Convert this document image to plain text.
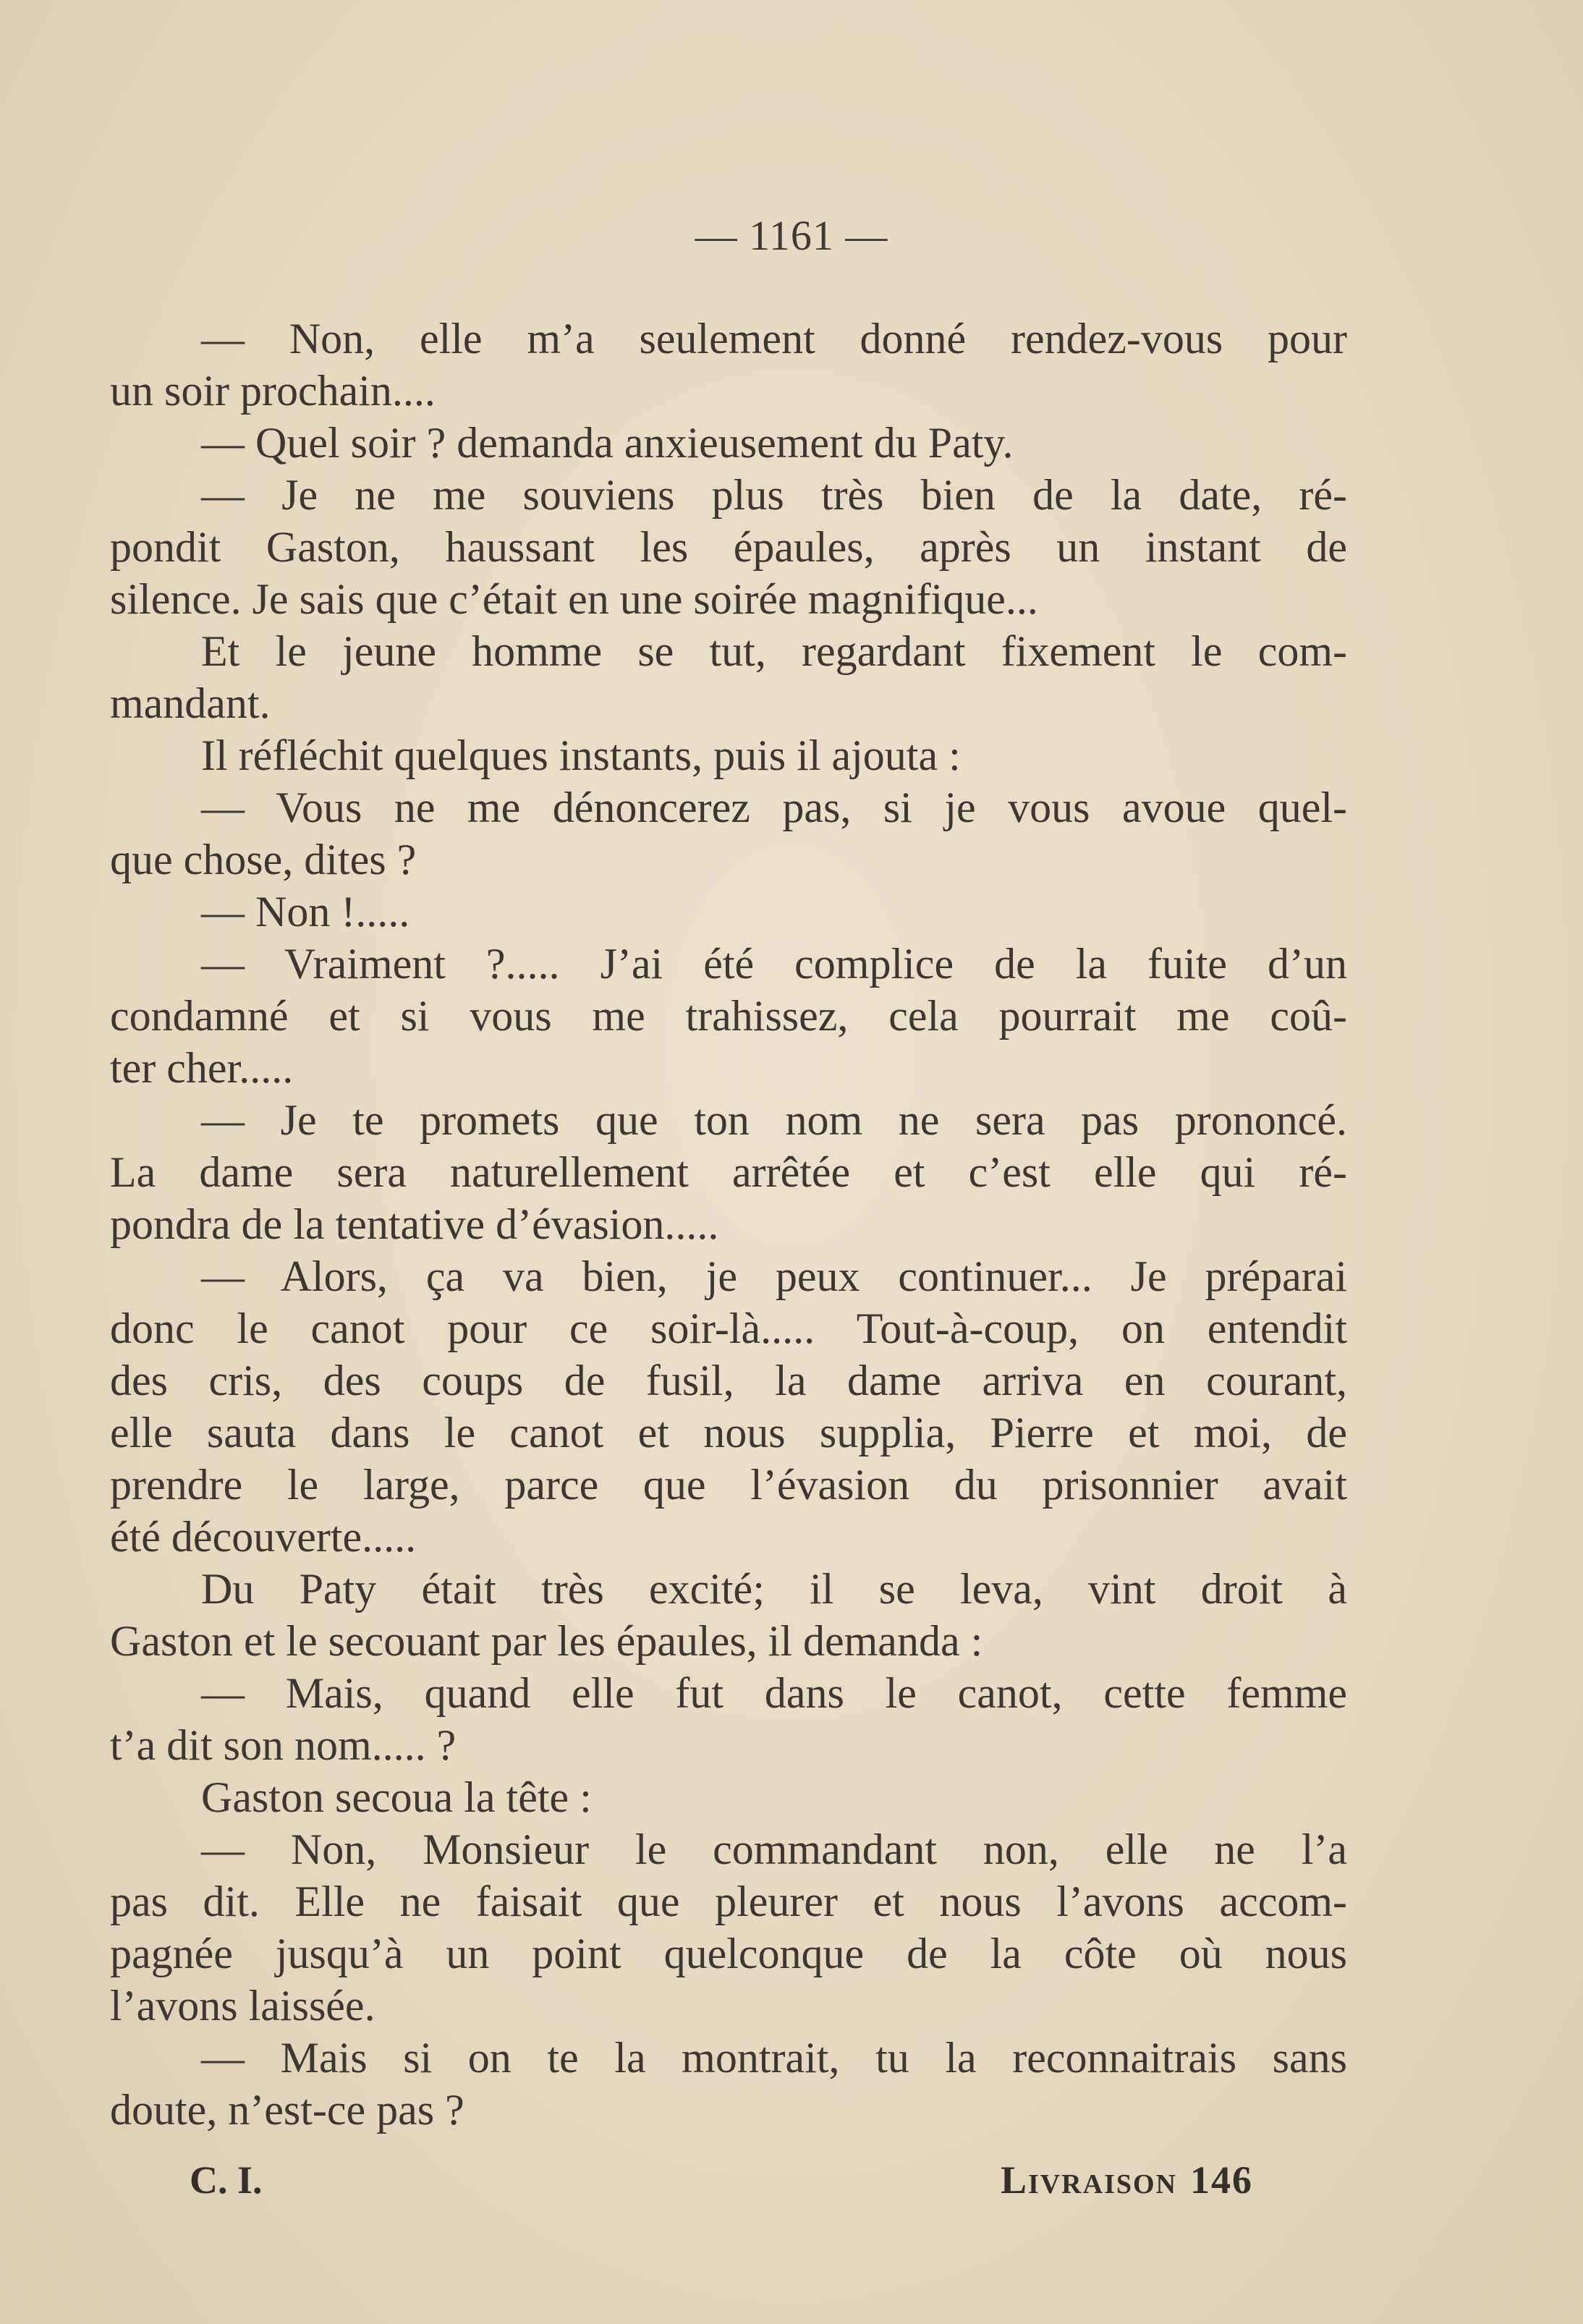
— 1161 —
— Non, elle m’a seulement donné rendez-vous pour
un soir prochain....
— Quel soir ? demanda anxieusement du Paty.
— Je ne me souviens plus très bien de la date, ré-
pondit Gaston, haussant les épaules, après un instant de
silence. Je sais que c’était en une soirée magnifique...
Et le jeune homme se tut, regardant fixement le com-
mandant.
Il réfléchit quelques instants, puis il ajouta :
— Vous ne me dénoncerez pas, si je vous avoue quel-
que chose, dites ?
— Non !.....
— Vraiment ?..... J’ai été complice de la fuite d’un
condamné et si vous me trahissez, cela pourrait me coû-
ter cher.....
— Je te promets que ton nom ne sera pas prononcé.
La dame sera naturellement arrêtée et c’est elle qui ré-
pondra de la tentative d’évasion.....
— Alors, ça va bien, je peux continuer... Je préparai
donc le canot pour ce soir-là..... Tout-à-coup, on entendit
des cris, des coups de fusil, la dame arriva en courant,
elle sauta dans le canot et nous supplia, Pierre et moi, de
prendre le large, parce que l’évasion du prisonnier avait
été découverte.....
Du Paty était très excité; il se leva, vint droit à
Gaston et le secouant par les épaules, il demanda :
— Mais, quand elle fut dans le canot, cette femme
t’a dit son nom..... ?
Gaston secoua la tête :
— Non, Monsieur le commandant non, elle ne l’a
pas dit. Elle ne faisait que pleurer et nous l’avons accom-
pagnée jusqu’à un point quelconque de la côte où nous
l’avons laissée.
— Mais si on te la montrait, tu la reconnaitrais sans
doute, n’est-ce pas ?
C. I.	Livraison 146
